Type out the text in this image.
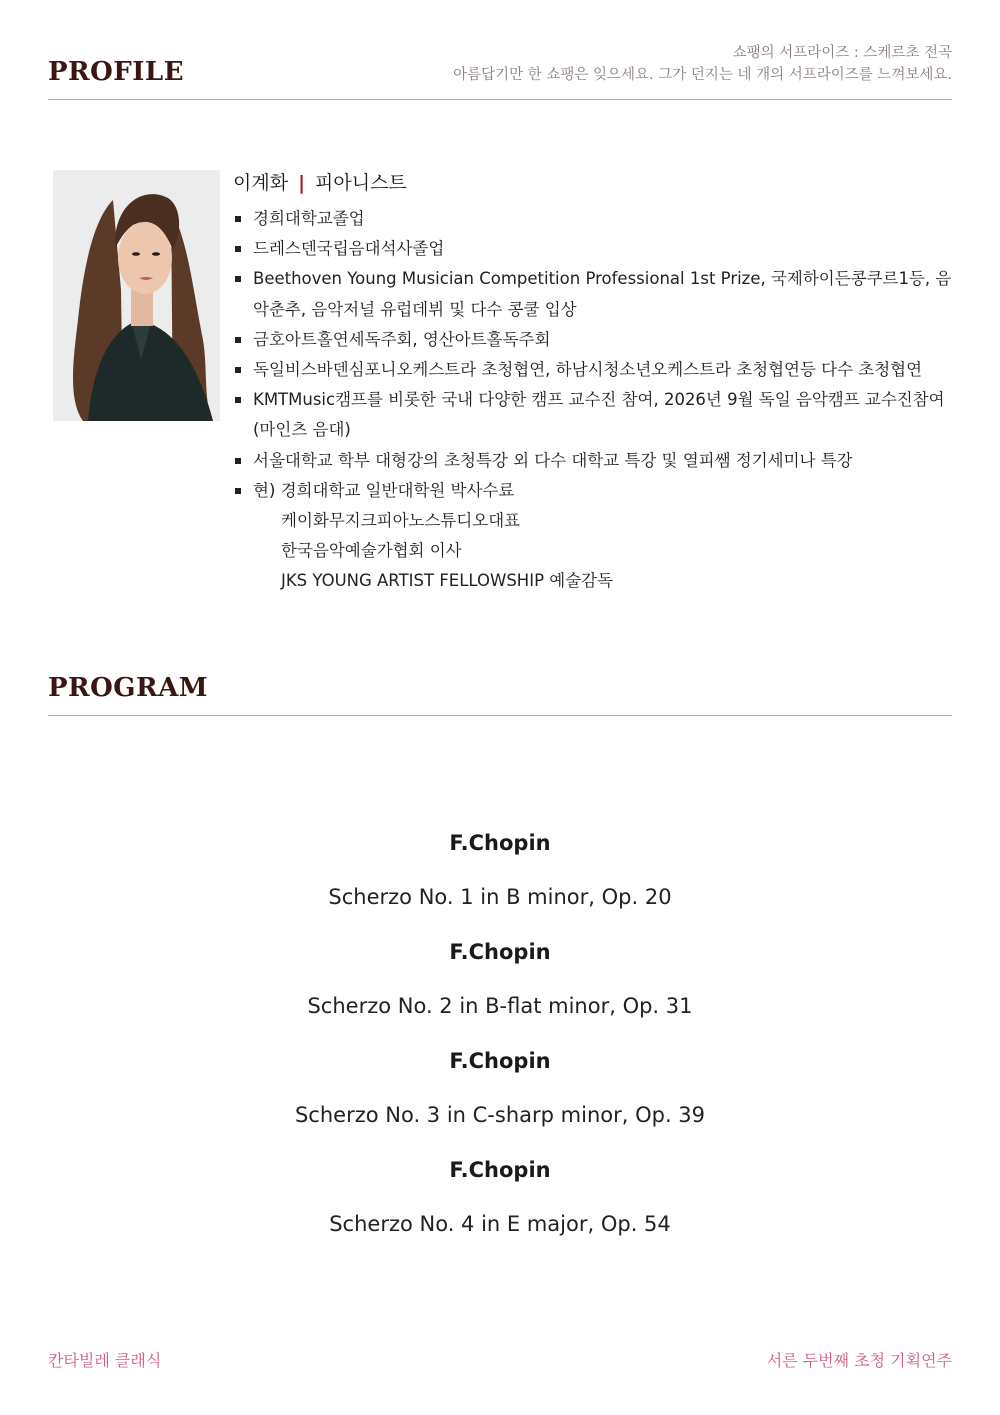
PROFILE
쇼팽의 서프라이즈 : 스케르초 전곡
아름답기만 한 쇼팽은 잊으세요. 그가 던지는 네 개의 서프라이즈를 느껴보세요.
이계화 | 피아니스트
경희대학교졸업
드레스덴국립음대석사졸업
Beethoven Young Musician Competition Professional 1st Prize, 국제하이든콩쿠르1등, 음악춘추, 음악저널 유럽데뷔 및 다수 콩쿨 입상
금호아트홀연세독주회, 영산아트홀독주회
독일비스바덴심포니오케스트라 초청협연, 하남시청소년오케스트라 초청협연등 다수 초청협연
KMTMusic캠프를 비롯한 국내 다양한 캠프 교수진 참여, 2026년 9월 독일 음악캠프 교수진참여(마인츠 음대)
서울대학교 학부 대형강의 초청특강 외 다수 대학교 특강 및 열피쌤 정기세미나 특강
현) 경희대학교 일반대학원 박사수료
케이화무지크피아노스튜디오대표
한국음악예술가협회 이사
JKS YOUNG ARTIST FELLOWSHIP 예술감독
PROGRAM
F.Chopin
Scherzo No. 1 in B minor, Op. 20
F.Chopin
Scherzo No. 2 in B-flat minor, Op. 31
F.Chopin
Scherzo No. 3 in C-sharp minor, Op. 39
F.Chopin
Scherzo No. 4 in E major, Op. 54
칸타빌레 클래식	서른 두번째 초청 기획연주
